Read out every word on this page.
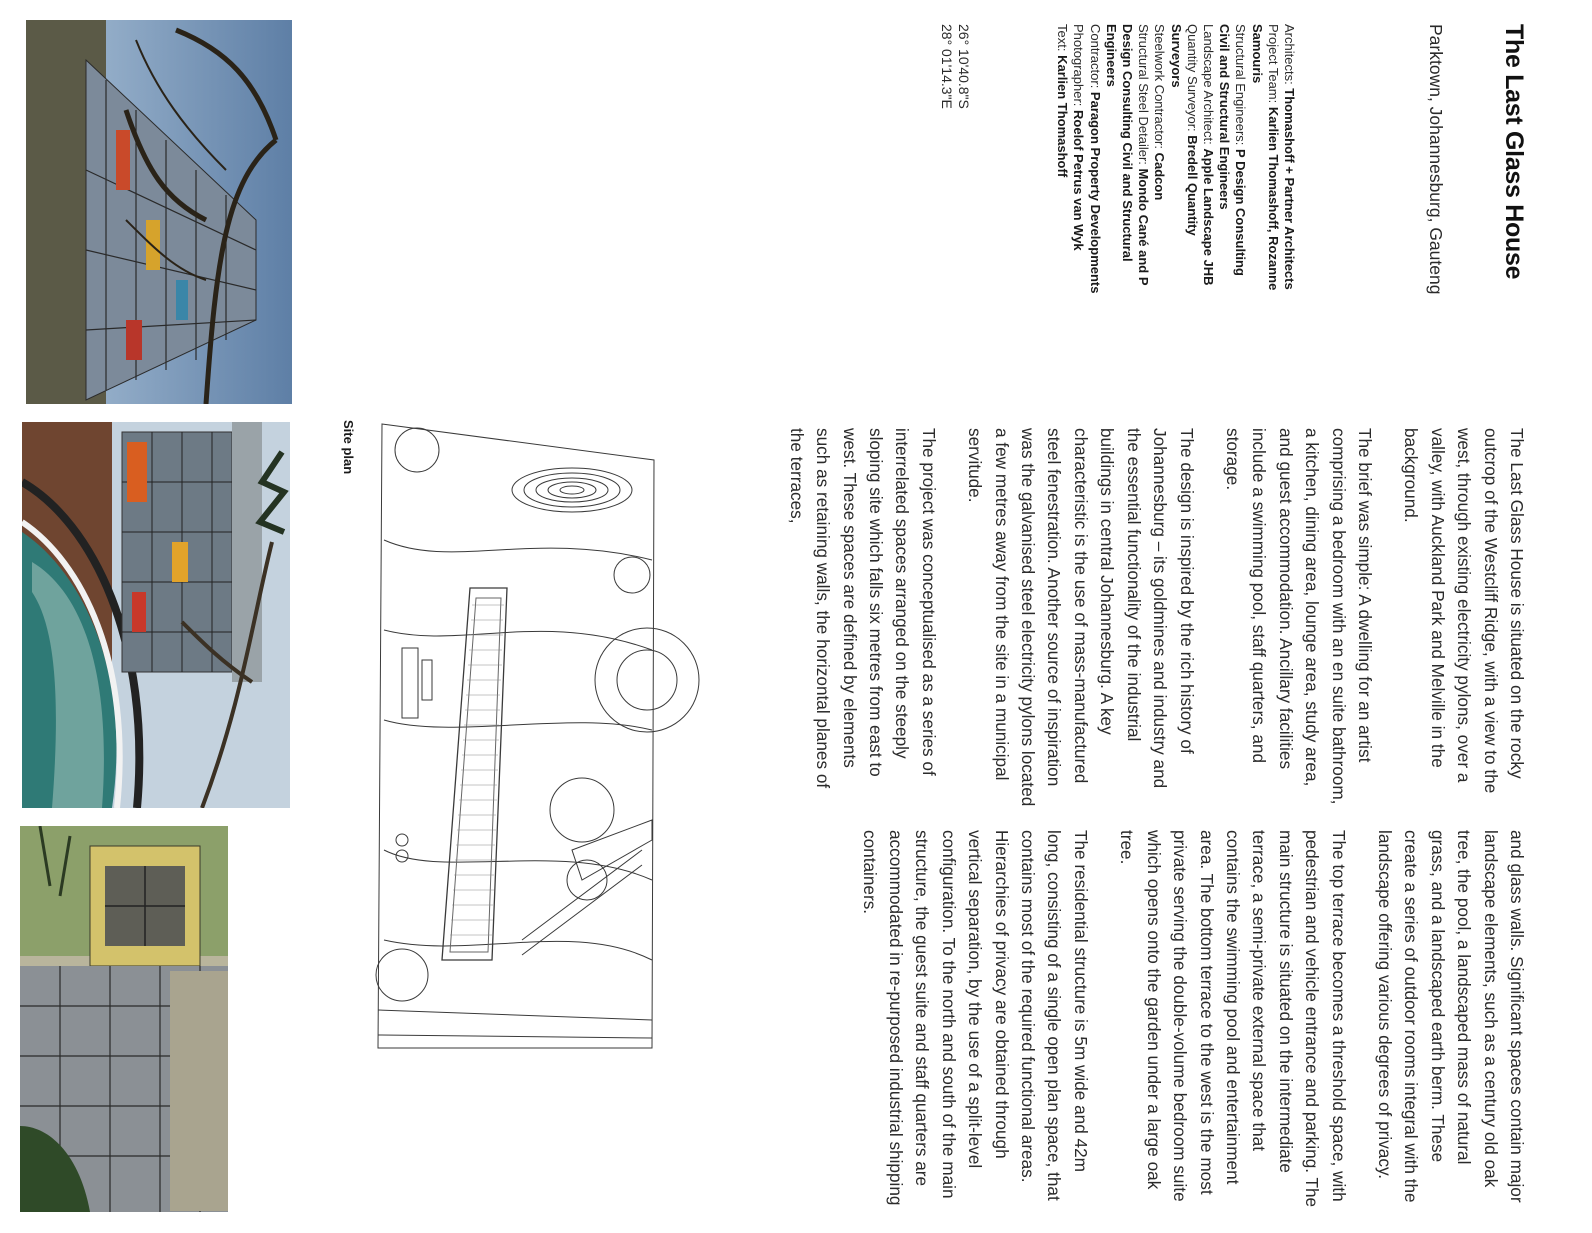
The Last Glass House
Parktown, Johannesburg, Gauteng
Architects: Thomashoff + Partner Architects
Project Team: Karlien Thomashoff, Rozanne Samouris
Structural Engineers: P Design Consulting Civil and Structural Engineers
Landscape Architect: Apple Landscape JHB
Quantity Surveyor: Bredell Quantity Surveyors
Steelwork Contractor: Cadcon
Structural Steel Detailer: Mondo Cané and P Design Consulting Civil and Structural Engineers
Contractor: Paragon Property Developments
Photographer: Roelof Petrus van Wyk
Text: Karlien Thomashoff
26° 10'40.8"S
28° 01'14.3"E

The Last Glass House is situated on the rocky outcrop of the Westcliff Ridge, with a view to the west, through existing electricity pylons, over a valley, with Auckland Park and Melville in the background.

The brief was simple: A dwelling for an artist comprising a bedroom with an en suite bathroom, a kitchen, dining area, lounge area, study area, and guest accommodation. Ancillary facilities include a swimming pool, staff quarters, and storage.

The design is inspired by the rich history of Johannesburg – its goldmines and industry and the essential functionality of the industrial buildings in central Johannesburg. A key characteristic is the use of mass-manufactured steel fenestration. Another source of inspiration was the galvanised steel electricity pylons located a few metres away from the site in a municipal servitude.

The project was conceptualised as a series of interrelated spaces arranged on the steeply sloping site which falls six metres from east to west. These spaces are defined by elements such as retaining walls, the horizontal planes of the terraces,

and glass walls. Significant spaces contain major landscape elements, such as a century old oak tree, the pool, a landscaped mass of natural grass, and a landscaped earth berm. These create a series of outdoor rooms integral with the landscape offering various degrees of privacy.

The top terrace becomes a threshold space, with pedestrian and vehicle entrance and parking. The main structure is situated on the intermediate terrace, a semi-private external space that contains the swimming pool and entertainment area. The bottom terrace to the west is the most private serving the double-volume bedroom suite which opens onto the garden under a large oak tree.

The residential structure is 5m wide and 42m long, consisting of a single open plan space, that contains most of the required functional areas. Hierarchies of privacy are obtained through vertical separation, by the use of a split-level configuration. To the north and south of the main structure, the guest suite and staff quarters are accommodated in re-purposed industrial shipping containers.

Site plan
